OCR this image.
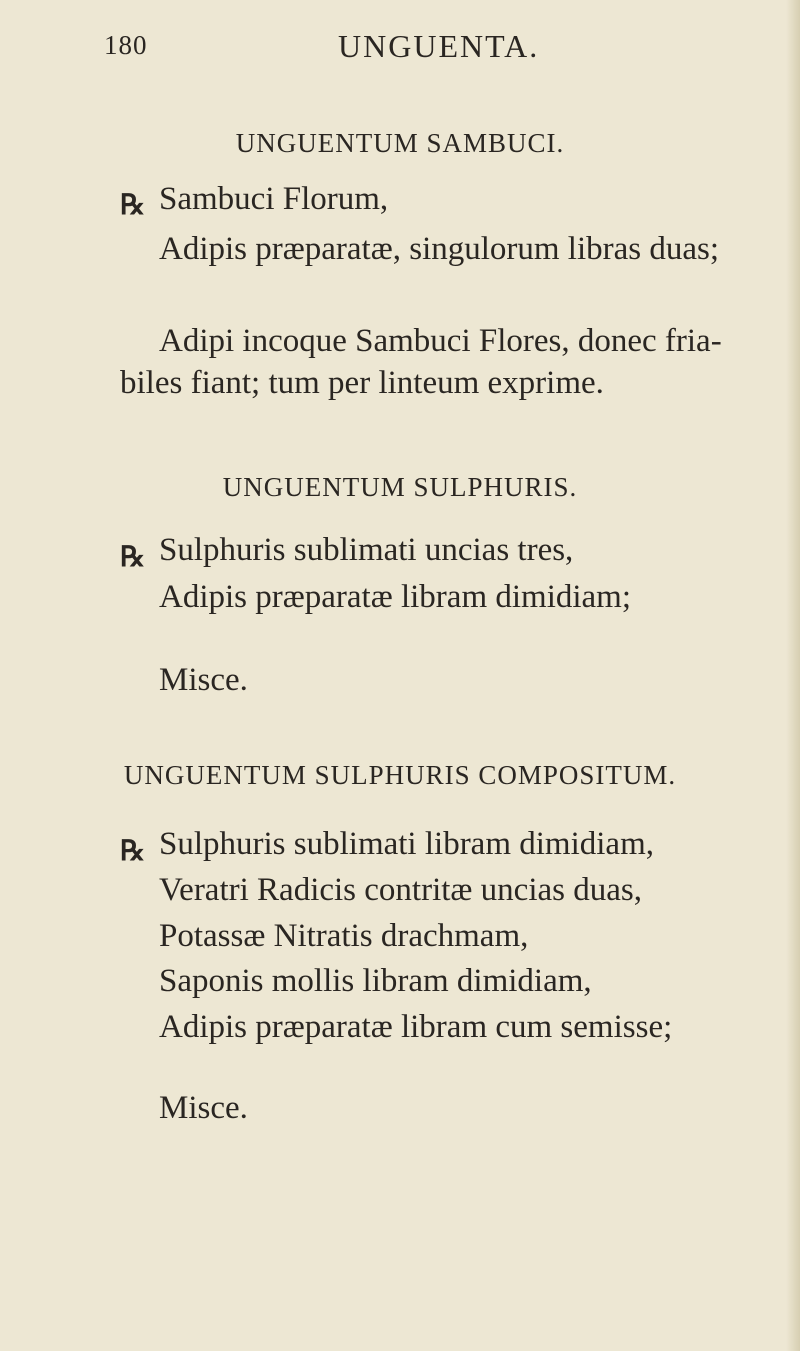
180	UNGUENTA.
UNGUENTUM SAMBUCI.
℞ Sambuci Florum,
Adipis præparatæ, singulorum libras duas;
Adipi incoque Sambuci Flores, donec fria-
biles fiant; tum per linteum exprime.
UNGUENTUM SULPHURIS.
℞ Sulphuris sublimati uncias tres,
Adipis præparatæ libram dimidiam;
Misce.
UNGUENTUM SULPHURIS COMPOSITUM.
℞ Sulphuris sublimati libram dimidiam,
Veratri Radicis contritæ uncias duas,
Potassæ Nitratis drachmam,
Saponis mollis libram dimidiam,
Adipis præparatæ libram cum semisse;
Misce.
